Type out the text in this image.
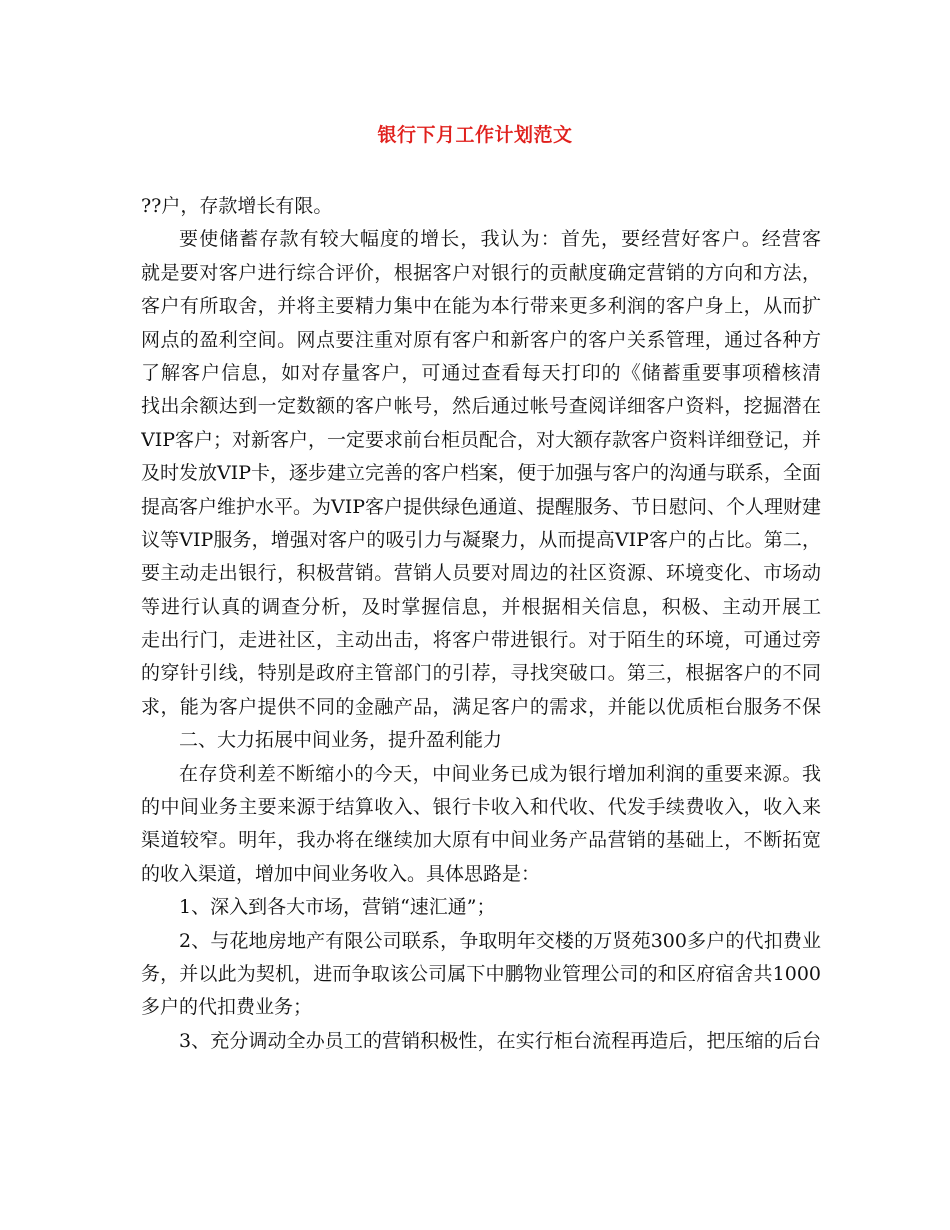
银行下月工作计划范文
??户，存款增长有限。
要使储蓄存款有较大幅度的增长，我认为：首先，要经营好客户。经营客
就是要对客户进行综合评价，根据客户对银行的贡献度确定营销的方向和方法，
客户有所取舍，并将主要精力集中在能为本行带来更多利润的客户身上，从而扩
网点的盈利空间。网点要注重对原有客户和新客户的客户关系管理，通过各种方
了解客户信息，如对存量客户，可通过查看每天打印的《储蓄重要事项稽核清
找出余额达到一定数额的客户帐号，然后通过帐号查阅详细客户资料，挖掘潜在
VIP客户；对新客户，一定要求前台柜员配合，对大额存款客户资料详细登记，并
及时发放VIP卡，逐步建立完善的客户档案，便于加强与客户的沟通与联系，全面
提高客户维护水平。为VIP客户提供绿色通道、提醒服务、节日慰问、个人理财建
议等VIP服务，增强对客户的吸引力与凝聚力，从而提高VIP客户的占比。第二，
要主动走出银行，积极营销。营销人员要对周边的社区资源、环境变化、市场动
等进行认真的调查分析，及时掌握信息，并根据相关信息，积极、主动开展工
走出行门，走进社区，主动出击，将客户带进银行。对于陌生的环境，可通过旁
的穿针引线，特别是政府主管部门的引荐，寻找突破口。第三，根据客户的不同
求，能为客户提供不同的金融产品，满足客户的需求，并能以优质柜台服务不保
二、大力拓展中间业务，提升盈利能力
在存贷利差不断缩小的今天，中间业务已成为银行增加利润的重要来源。我
的中间业务主要来源于结算收入、银行卡收入和代收、代发手续费收入，收入来
渠道较窄。明年，我办将在继续加大原有中间业务产品营销的基础上，不断拓宽
的收入渠道，增加中间业务收入。具体思路是：
1、深入到各大市场，营销“速汇通”；
2、与花地房地产有限公司联系，争取明年交楼的万贤苑300多户的代扣费业
务，并以此为契机，进而争取该公司属下中鹏物业管理公司的和区府宿舍共1000
多户的代扣费业务；
3、充分调动全办员工的营销积极性，在实行柜台流程再造后，把压缩的后台
